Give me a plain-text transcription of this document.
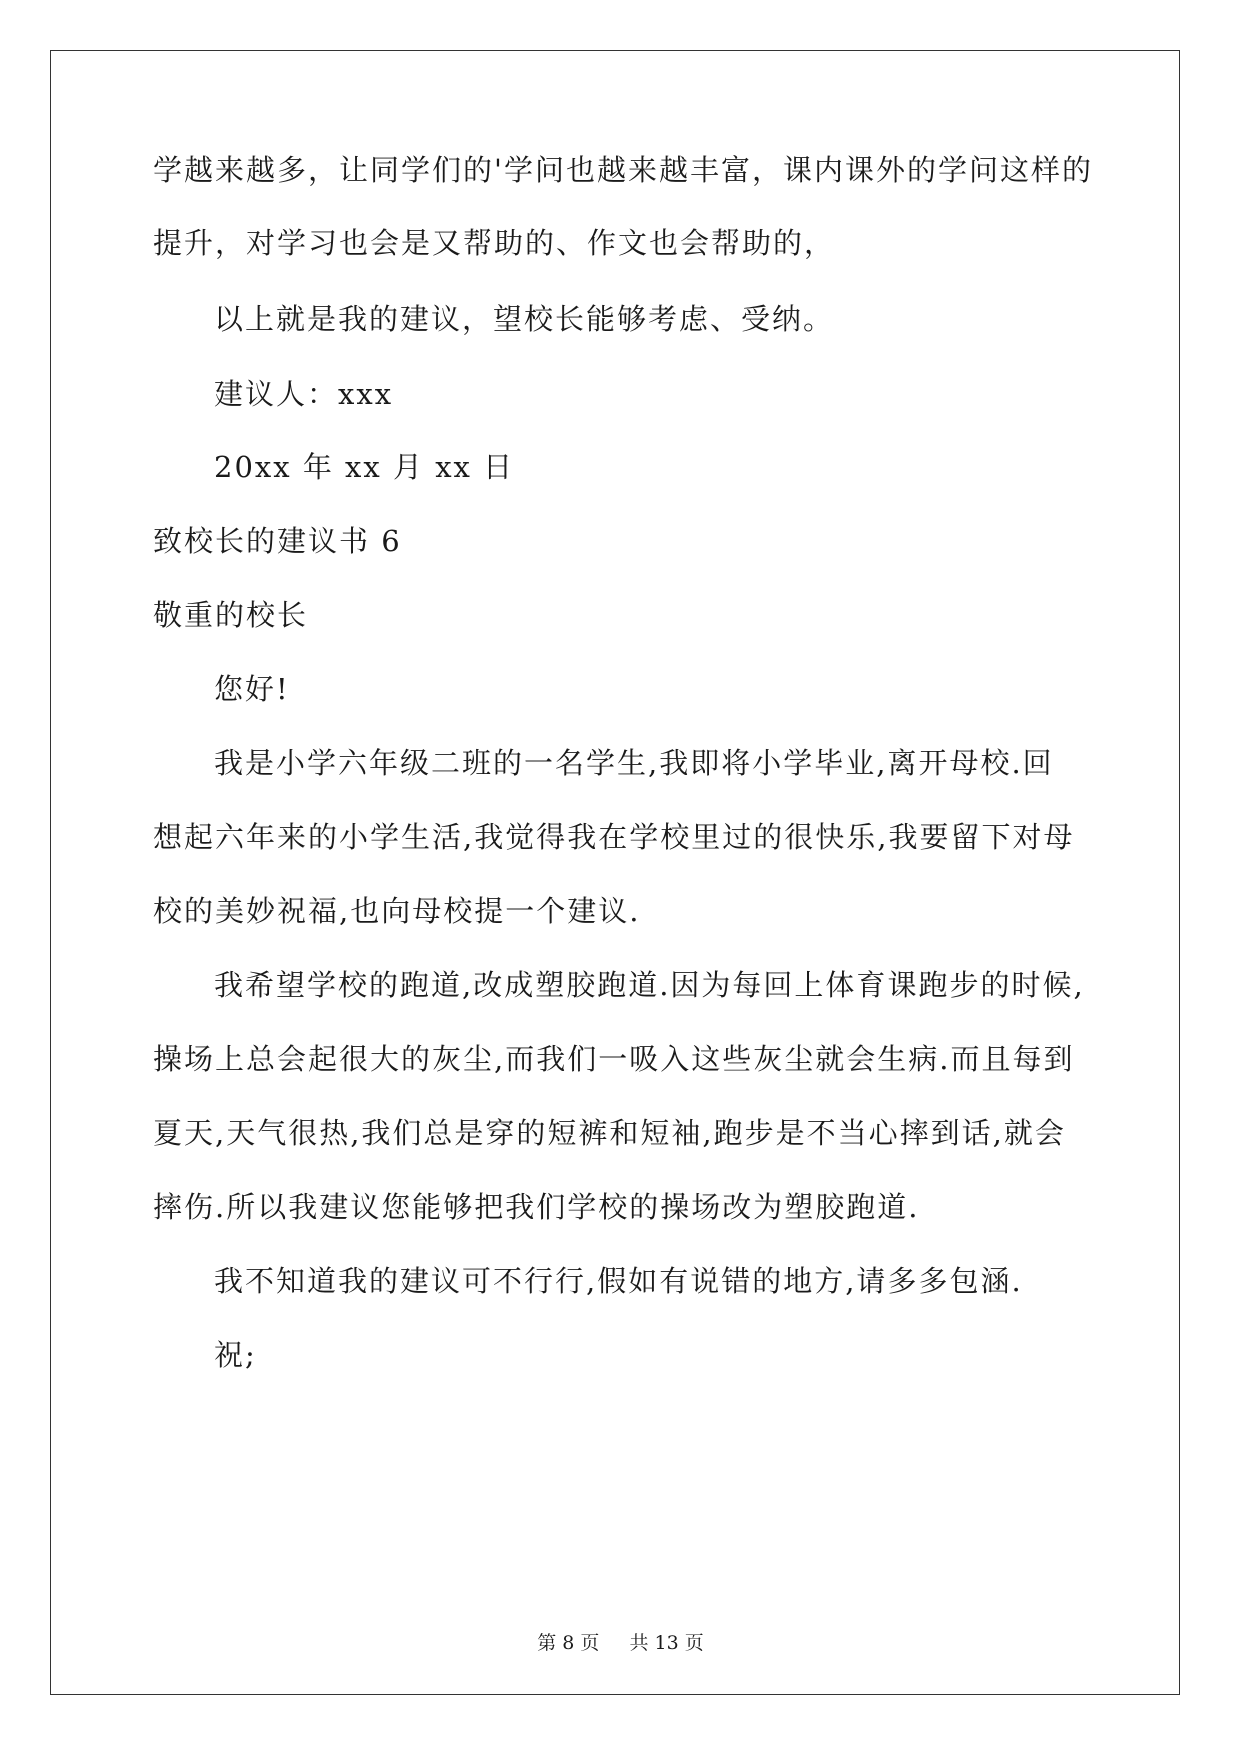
学越来越多，让同学们的'学问也越来越丰富，课内课外的学问这样的
提升，对学习也会是又帮助的、作文也会帮助的，
以上就是我的建议，望校长能够考虑、受纳。
建议人：xxx
20xx 年 xx 月 xx 日
致校长的建议书 6
敬重的校长
您好!
我是小学六年级二班的一名学生,我即将小学毕业,离开母校.回
想起六年来的小学生活,我觉得我在学校里过的很快乐,我要留下对母
校的美妙祝福,也向母校提一个建议.
我希望学校的跑道,改成塑胶跑道.因为每回上体育课跑步的时候,
操场上总会起很大的灰尘,而我们一吸入这些灰尘就会生病.而且每到
夏天,天气很热,我们总是穿的短裤和短袖,跑步是不当心摔到话,就会
摔伤.所以我建议您能够把我们学校的操场改为塑胶跑道.
我不知道我的建议可不行行,假如有说错的地方,请多多包涵.
祝;
第 8 页 共 13 页
